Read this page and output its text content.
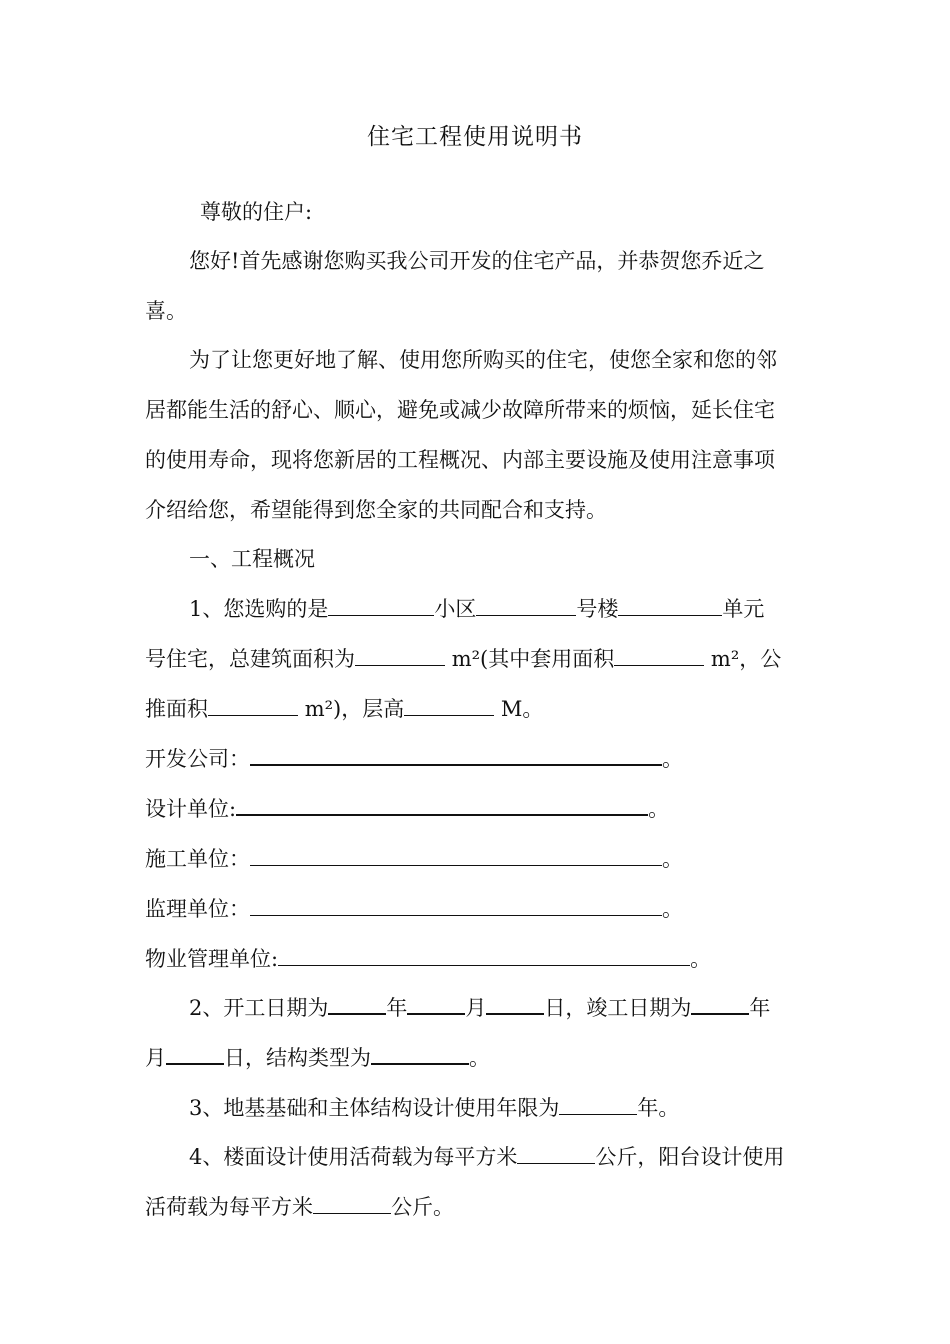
住宅工程使用说明书
尊敬的住户:
您好!首先感谢您购买我公司开发的住宅产品，并恭贺您乔近之
喜。
为了让您更好地了解、使用您所购买的住宅，使您全家和您的邻
居都能生活的舒心、顺心，避免或减少故障所带来的烦恼，延长住宅
的使用寿命，现将您新居的工程概况、内部主要设施及使用注意事项
介绍给您，希望能得到您全家的共同配合和支持。
一、工程概况
1、您选购的是	小区	号楼	单元
号住宅，总建筑面积为	m²(其中套用面积	m²，公
推面积	m²)，层高	M。
开发公司：	。
设计单位:	。
施工单位：	。
监理单位：	。
物业管理单位:	。
2、开工日期为	年	月	日，竣工日期为	年
月	日，结构类型为	。
3、地基基础和主体结构设计使用年限为	年。
4、楼面设计使用活荷载为每平方米	公斤，阳台设计使用
活荷载为每平方米	公斤。
